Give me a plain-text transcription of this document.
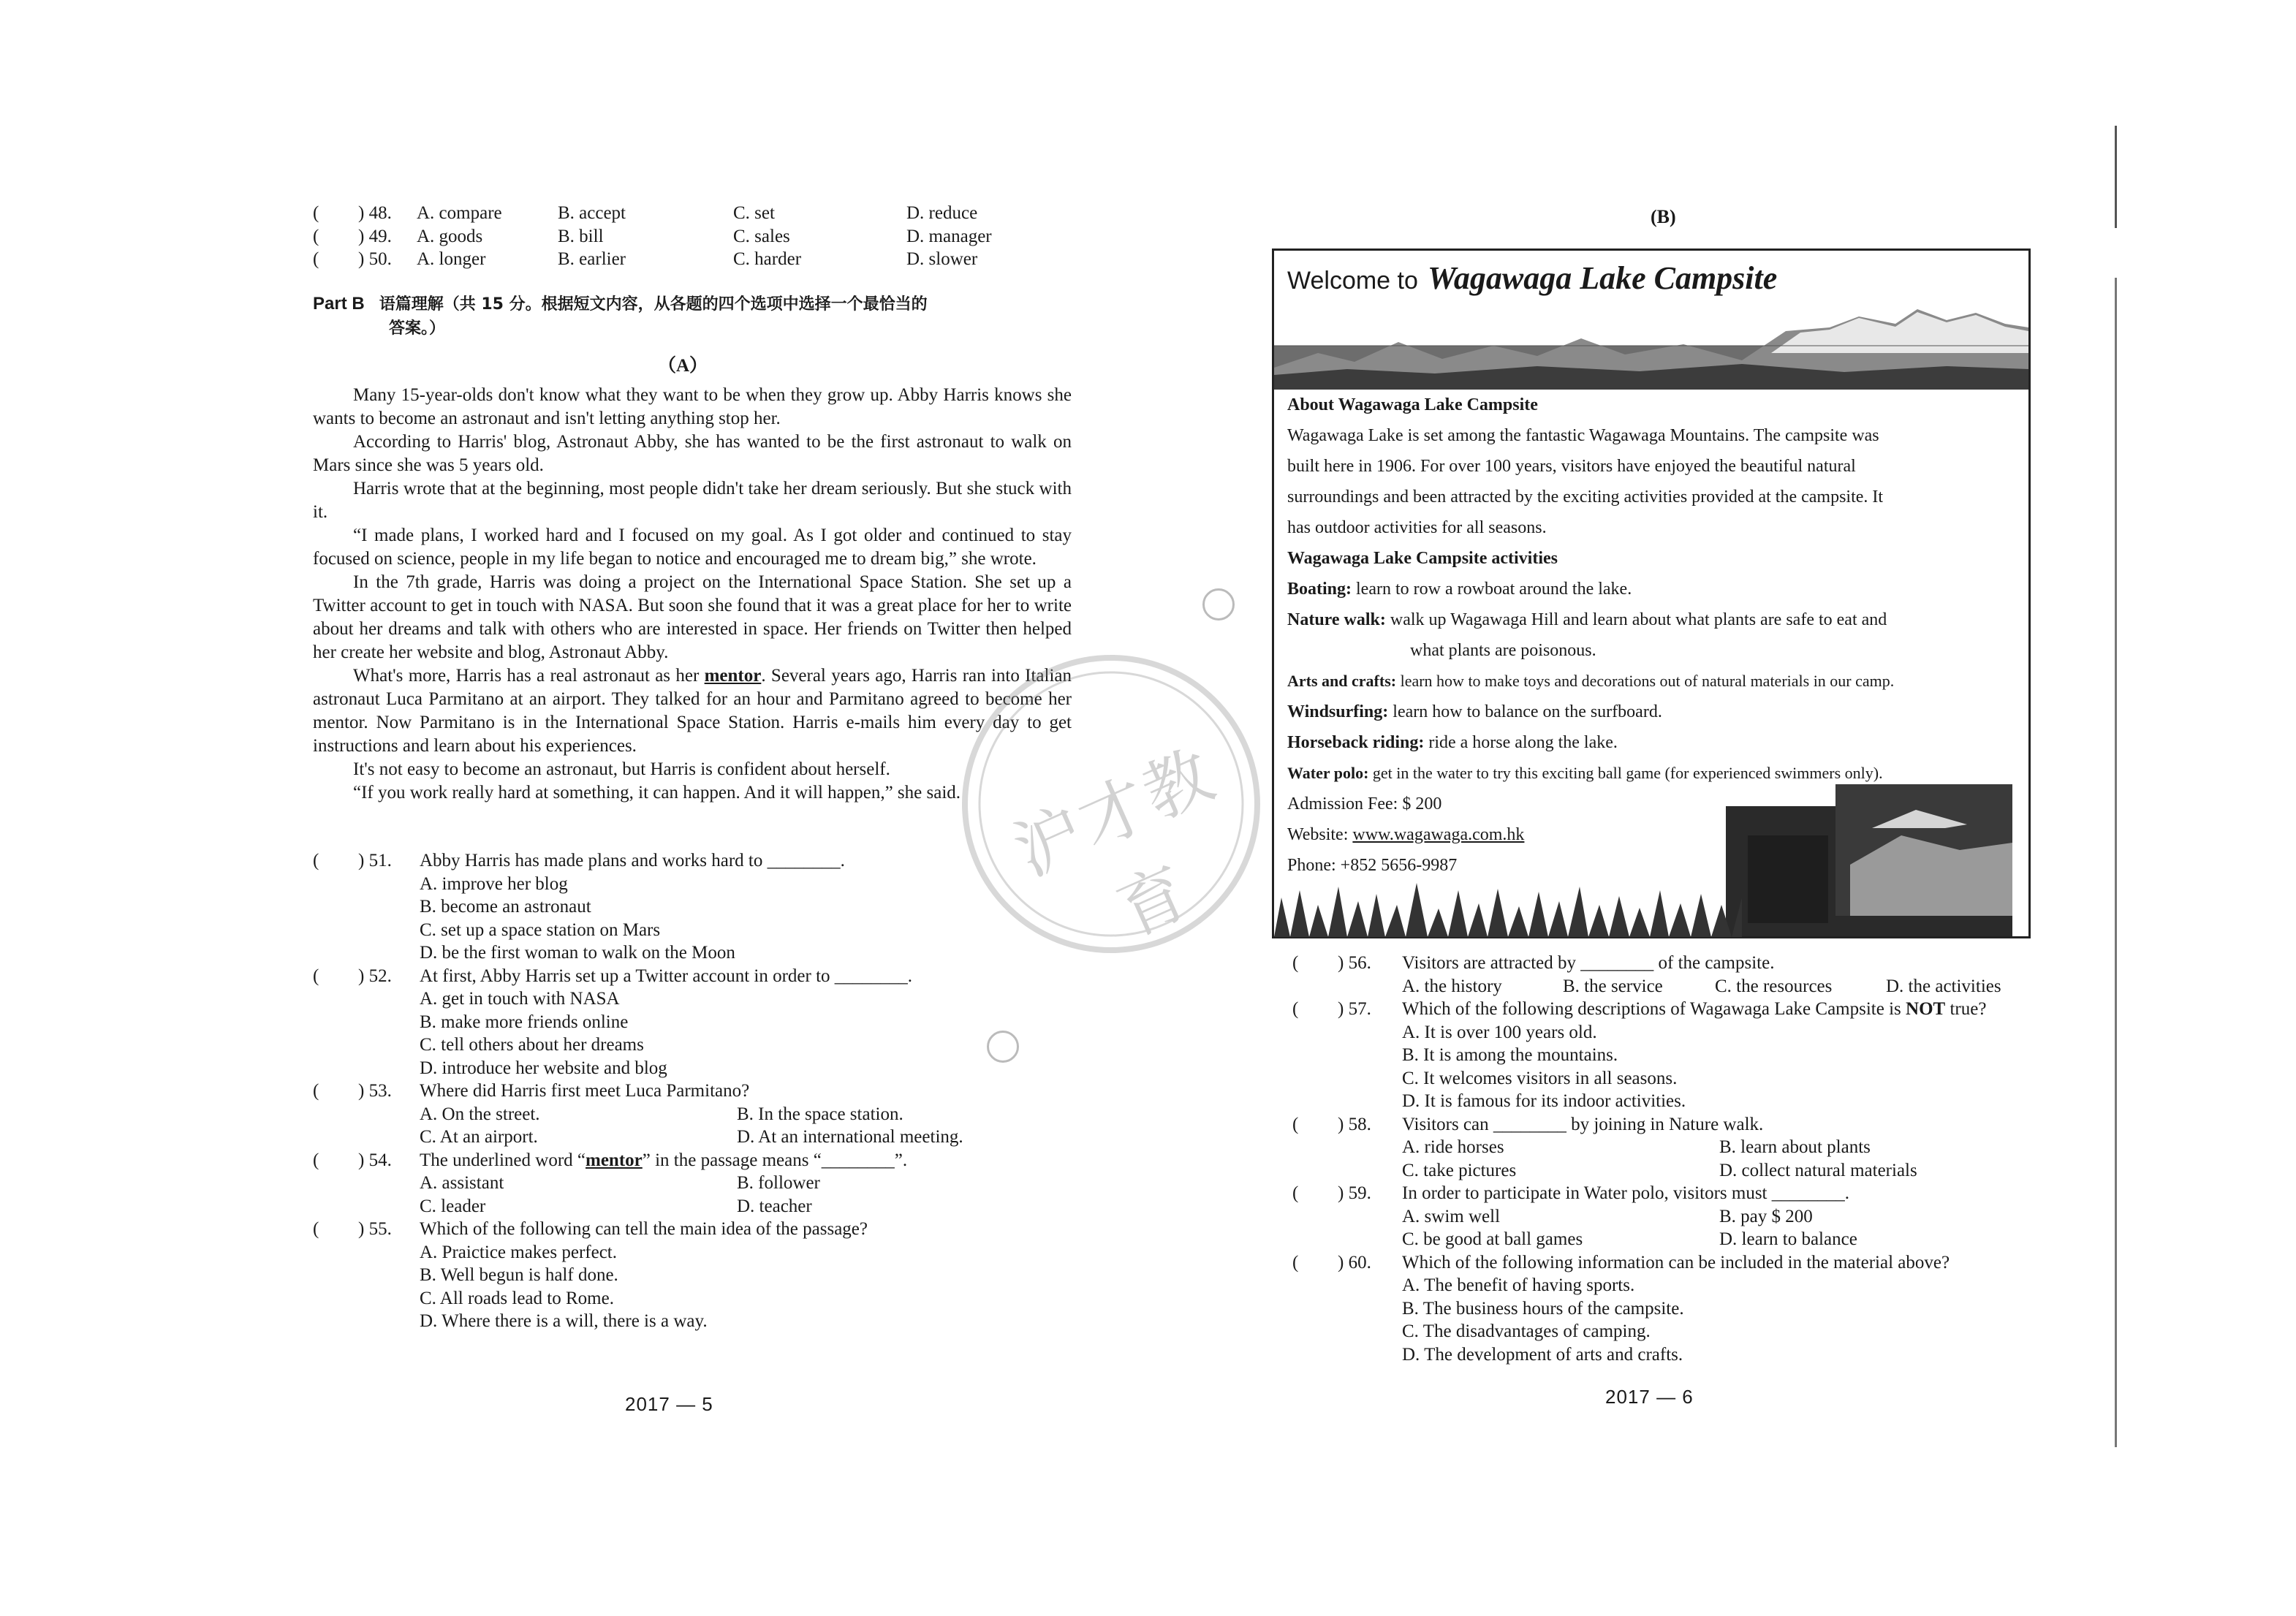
( ) 48. A. compare	B. accept	C. set	D. reduce
( ) 49. A. goods	B. bill	C. sales	D. manager
( ) 50. A. longer	B. earlier	C. harder	D. slower
Part B 语篇理解（共 15 分。根据短文内容，从各题的四个选项中选择一个最恰当的
答案。）
（A）

Many 15-year-olds don't know what they want to be when they grow up. Abby Harris knows she wants to become an astronaut and isn't letting anything stop her.

According to Harris' blog, Astronaut Abby, she has wanted to be the first astronaut to walk on Mars since she was 5 years old.

Harris wrote that at the beginning, most people didn't take her dream seriously. But she stuck with it.

“I made plans, I worked hard and I focused on my goal. As I got older and continued to stay focused on science, people in my life began to notice and encouraged me to dream big,” she wrote.

In the 7th grade, Harris was doing a project on the International Space Station. She set up a Twitter account to get in touch with NASA. But soon she found that it was a great place for her to write about her dreams and talk with others who are interested in space. Her friends on Twitter then helped her create her website and blog, Astronaut Abby.

What's more, Harris has a real astronaut as her mentor. Several years ago, Harris ran into Italian astronaut Luca Parmitano at an airport. They talked for an hour and Parmitano agreed to become her mentor. Now Parmitano is in the International Space Station. Harris e-mails him every day to get instructions and learn about his experiences.

It's not easy to become an astronaut, but Harris is confident about herself.

“If you work really hard at something, it can happen. And it will happen,” she said.

( ) 51. Abby Harris has made plans and works hard to ________.
A. improve her blog
B. become an astronaut
C. set up a space station on Mars
D. be the first woman to walk on the Moon
( ) 52. At first, Abby Harris set up a Twitter account in order to ________.
A. get in touch with NASA
B. make more friends online
C. tell others about her dreams
D. introduce her website and blog
( ) 53. Where did Harris first meet Luca Parmitano?
A. On the street.	B. In the space station.
C. At an airport.	D. At an international meeting.
( ) 54. The underlined word “mentor” in the passage means “________”.
A. assistant	B. follower
C. leader	D. teacher
( ) 55. Which of the following can tell the main idea of the passage?
A. Praictice makes perfect.
B. Well begun is half done.
C. All roads lead to Rome.
D. Where there is a will, there is a way.
2017 — 5
沪才教育
(B)
Welcome to Wagawaga Lake Campsite
About Wagawaga Lake Campsite
Wagawaga Lake is set among the fantastic Wagawaga Mountains. The campsite was
built here in 1906. For over 100 years, visitors have enjoyed the beautiful natural
surroundings and been attracted by the exciting activities provided at the campsite. It
has outdoor activities for all seasons.
Wagawaga Lake Campsite activities
Boating: learn to row a rowboat around the lake.
Nature walk: walk up Wagawaga Hill and learn about what plants are safe to eat and
what plants are poisonous.
Arts and crafts: learn how to make toys and decorations out of natural materials in our camp.
Windsurfing: learn how to balance on the surfboard.
Horseback riding: ride a horse along the lake.
Water polo: get in the water to try this exciting ball game (for experienced swimmers only).
Admission Fee: $ 200
Website: www.wagawaga.com.hk
Phone: +852 5656-9987
( ) 56. Visitors are attracted by ________ of the campsite.
A. the history	B. the service	C. the resources	D. the activities
( ) 57. Which of the following descriptions of Wagawaga Lake Campsite is NOT true?
A. It is over 100 years old.
B. It is among the mountains.
C. It welcomes visitors in all seasons.
D. It is famous for its indoor activities.
( ) 58. Visitors can ________ by joining in Nature walk.
A. ride horses	B. learn about plants
C. take pictures	D. collect natural materials
( ) 59. In order to participate in Water polo, visitors must ________.
A. swim well	B. pay $ 200
C. be good at ball games	D. learn to balance
( ) 60. Which of the following information can be included in the material above?
A. The benefit of having sports.
B. The business hours of the campsite.
C. The disadvantages of camping.
D. The development of arts and crafts.
2017 — 6
